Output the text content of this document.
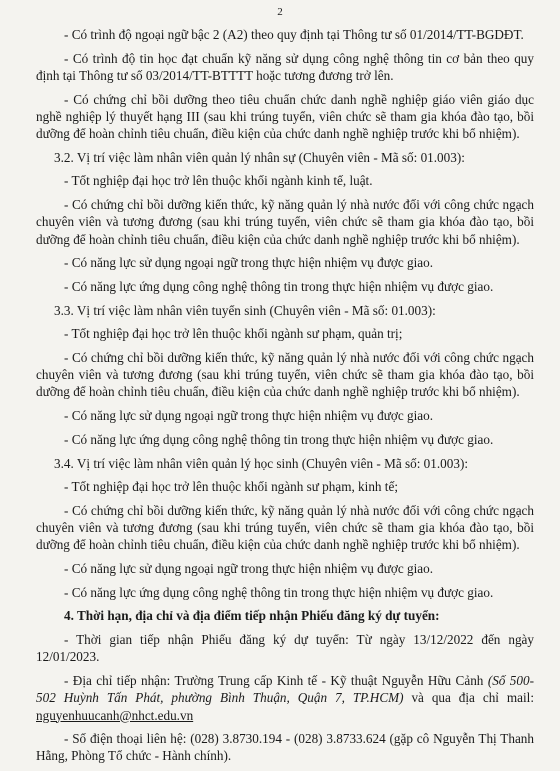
2

- Có trình độ ngoại ngữ bậc 2 (A2) theo quy định tại Thông tư số 01/2014/TT-BGDĐT.

- Có trình độ tin học đạt chuẩn kỹ năng sử dụng công nghệ thông tin cơ bản theo quy định tại Thông tư số 03/2014/TT-BTTTT hoặc tương đương trở lên.

- Có chứng chỉ bồi dưỡng theo tiêu chuẩn chức danh nghề nghiệp giáo viên giáo dục nghề nghiệp lý thuyết hạng III (sau khi trúng tuyển, viên chức sẽ tham gia khóa đào tạo, bồi dưỡng để hoàn chỉnh tiêu chuẩn, điều kiện của chức danh nghề nghiệp trước khi bổ nhiệm).

3.2. Vị trí việc làm nhân viên quản lý nhân sự (Chuyên viên - Mã số: 01.003):

- Tốt nghiệp đại học trở lên thuộc khối ngành kinh tế, luật.

- Có chứng chỉ bồi dưỡng kiến thức, kỹ năng quản lý nhà nước đối với công chức ngạch chuyên viên và tương đương (sau khi trúng tuyển, viên chức sẽ tham gia khóa đào tạo, bồi dưỡng để hoàn chỉnh tiêu chuẩn, điều kiện của chức danh nghề nghiệp trước khi bổ nhiệm).

- Có năng lực sử dụng ngoại ngữ trong thực hiện nhiệm vụ được giao.

- Có năng lực ứng dụng công nghệ thông tin trong thực hiện nhiệm vụ được giao.

3.3. Vị trí việc làm nhân viên tuyển sinh (Chuyên viên - Mã số: 01.003):

- Tốt nghiệp đại học trở lên thuộc khối ngành sư phạm, quản trị;

- Có chứng chỉ bồi dưỡng kiến thức, kỹ năng quản lý nhà nước đối với công chức ngạch chuyên viên và tương đương (sau khi trúng tuyển, viên chức sẽ tham gia khóa đào tạo, bồi dưỡng để hoàn chỉnh tiêu chuẩn, điều kiện của chức danh nghề nghiệp trước khi bổ nhiệm).

- Có năng lực sử dụng ngoại ngữ trong thực hiện nhiệm vụ được giao.

- Có năng lực ứng dụng công nghệ thông tin trong thực hiện nhiệm vụ được giao.

3.4. Vị trí việc làm nhân viên quản lý học sinh (Chuyên viên - Mã số: 01.003):

- Tốt nghiệp đại học trở lên thuộc khối ngành sư phạm, kinh tế;

- Có chứng chỉ bồi dưỡng kiến thức, kỹ năng quản lý nhà nước đối với công chức ngạch chuyên viên và tương đương (sau khi trúng tuyển, viên chức sẽ tham gia khóa đào tạo, bồi dưỡng để hoàn chỉnh tiêu chuẩn, điều kiện của chức danh nghề nghiệp trước khi bổ nhiệm).

- Có năng lực sử dụng ngoại ngữ trong thực hiện nhiệm vụ được giao.

- Có năng lực ứng dụng công nghệ thông tin trong thực hiện nhiệm vụ được giao.

4. Thời hạn, địa chỉ và địa điểm tiếp nhận Phiếu đăng ký dự tuyển:

- Thời gian tiếp nhận Phiếu đăng ký dự tuyển: Từ ngày 13/12/2022 đến ngày 12/01/2023.

- Địa chỉ tiếp nhận: Trường Trung cấp Kinh tế - Kỹ thuật Nguyễn Hữu Cảnh (Số 500-502 Huỳnh Tấn Phát, phường Bình Thuận, Quận 7, TP.HCM) và qua địa chỉ mail: nguyenhuucanh@nhct.edu.vn

- Số điện thoại liên hệ: (028) 3.8730.194 - (028) 3.8733.624 (gặp cô Nguyễn Thị Thanh Hằng, Phòng Tổ chức - Hành chính).
